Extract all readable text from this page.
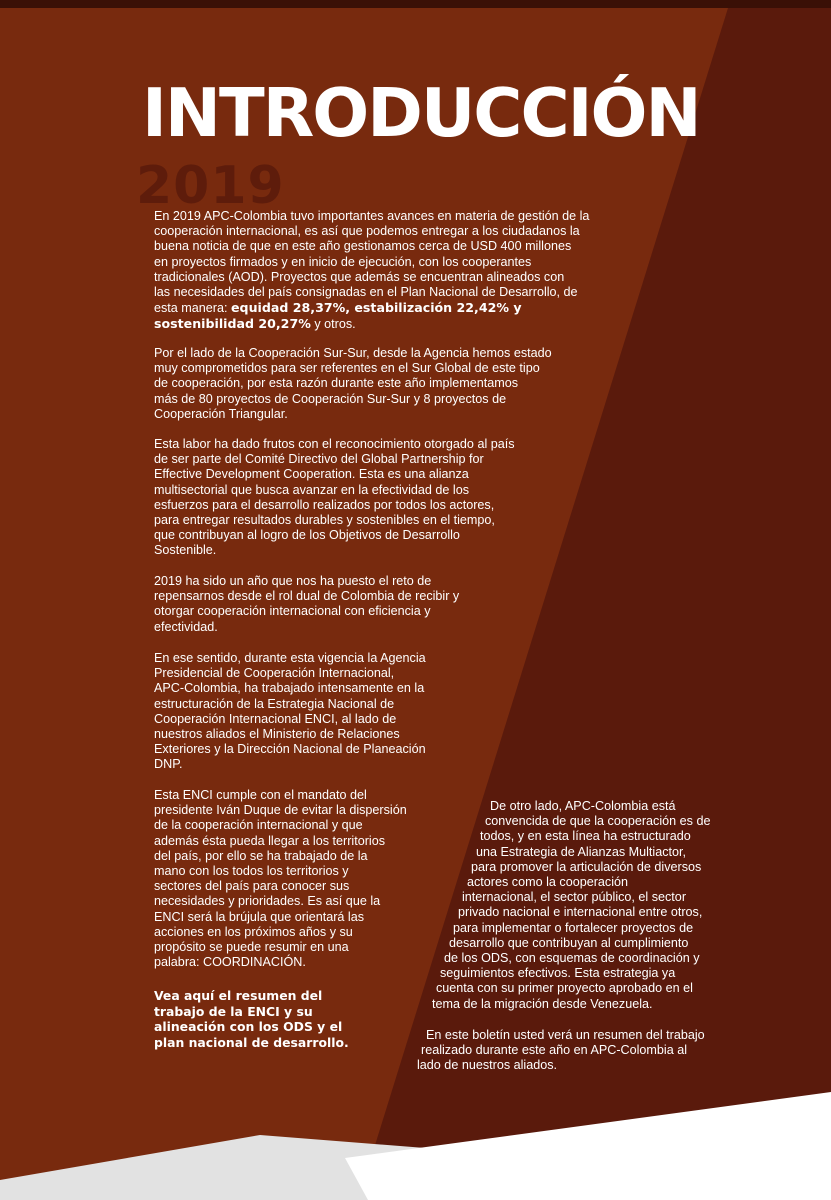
2019
INTRODUCCIÓN
En 2019 APC-Colombia tuvo importantes avances en materia de gestión de la
cooperación internacional, es así que podemos entregar a los ciudadanos la
buena noticia de que en este año gestionamos cerca de USD 400 millones
en proyectos firmados y en inicio de ejecución, con los cooperantes
tradicionales (AOD). Proyectos que además se encuentran alineados con
las necesidades del país consignadas en el Plan Nacional de Desarrollo, de
esta manera: equidad 28,37%, estabilización 22,42% y
sostenibilidad 20,27% y otros.
Por el lado de la Cooperación Sur-Sur, desde la Agencia hemos estado
muy comprometidos para ser referentes en el Sur Global de este tipo
de cooperación, por esta razón durante este año implementamos
más de 80 proyectos de Cooperación Sur-Sur y 8 proyectos de
Cooperación Triangular.
Esta labor ha dado frutos con el reconocimiento otorgado al país
de ser parte del Comité Directivo del Global Partnership for
Effective Development Cooperation. Esta es una alianza
multisectorial que busca avanzar en la efectividad de los
esfuerzos para el desarrollo realizados por todos los actores,
para entregar resultados durables y sostenibles en el tiempo,
que contribuyan al logro de los Objetivos de Desarrollo
Sostenible.
2019 ha sido un año que nos ha puesto el reto de
repensarnos desde el rol dual de Colombia de recibir y
otorgar cooperación internacional con eficiencia y
efectividad.
En ese sentido, durante esta vigencia la Agencia
Presidencial de Cooperación Internacional,
APC-Colombia, ha trabajado intensamente en la
estructuración de la Estrategia Nacional de
Cooperación Internacional ENCI, al lado de
nuestros aliados el Ministerio de Relaciones
Exteriores y la Dirección Nacional de Planeación
DNP.
Esta ENCI cumple con el mandato del
presidente Iván Duque de evitar la dispersión
de la cooperación internacional y que
además ésta pueda llegar a los territorios
del país, por ello se ha trabajado de la
mano con los todos los territorios y
sectores del país para conocer sus
necesidades y prioridades. Es así que la
ENCI será la brújula que orientará las
acciones en los próximos años y su
propósito se puede resumir en una
palabra: COORDINACIÓN.
Vea aquí el resumen del
trabajo de la ENCI y su
alineación con los ODS y el
plan nacional de desarrollo.
De otro lado, APC-Colombia está
convencida de que la cooperación es de
todos, y en esta línea ha estructurado
una Estrategia de Alianzas Multiactor,
para promover la articulación de diversos
actores como la cooperación
internacional, el sector público, el sector
privado nacional e internacional entre otros,
para implementar o fortalecer proyectos de
desarrollo que contribuyan al cumplimiento
de los ODS, con esquemas de coordinación y
seguimientos efectivos. Esta estrategia ya
cuenta con su primer proyecto aprobado en el
tema de la migración desde Venezuela.
En este boletín usted verá un resumen del trabajo
realizado durante este año en APC-Colombia al
lado de nuestros aliados.
